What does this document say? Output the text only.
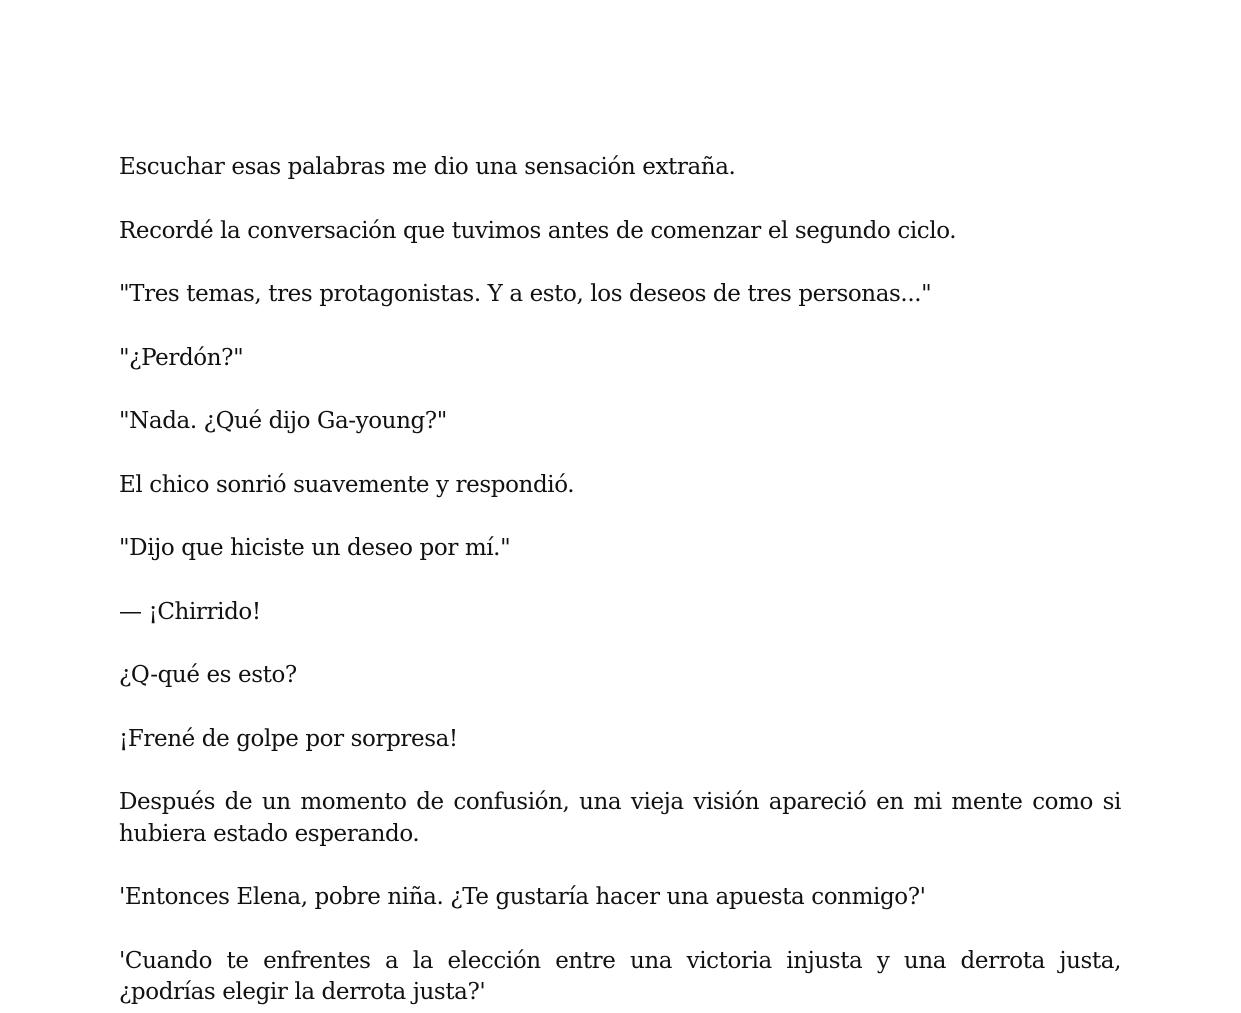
Escuchar esas palabras me dio una sensación extraña.

Recordé la conversación que tuvimos antes de comenzar el segundo ciclo.

"Tres temas, tres protagonistas. Y a esto, los deseos de tres personas..."

"¿Perdón?"

"Nada. ¿Qué dijo Ga-young?"

El chico sonrió suavemente y respondió.

"Dijo que hiciste un deseo por mí."

— ¡Chirrido!

¿Q-qué es esto?

¡Frené de golpe por sorpresa!

Después de un momento de confusión, una vieja visión apareció en mi mente como si hubiera estado esperando.

'Entonces Elena, pobre niña. ¿Te gustaría hacer una apuesta conmigo?'

'Cuando te enfrentes a la elección entre una victoria injusta y una derrota justa, ¿podrías elegir la derrota justa?'
